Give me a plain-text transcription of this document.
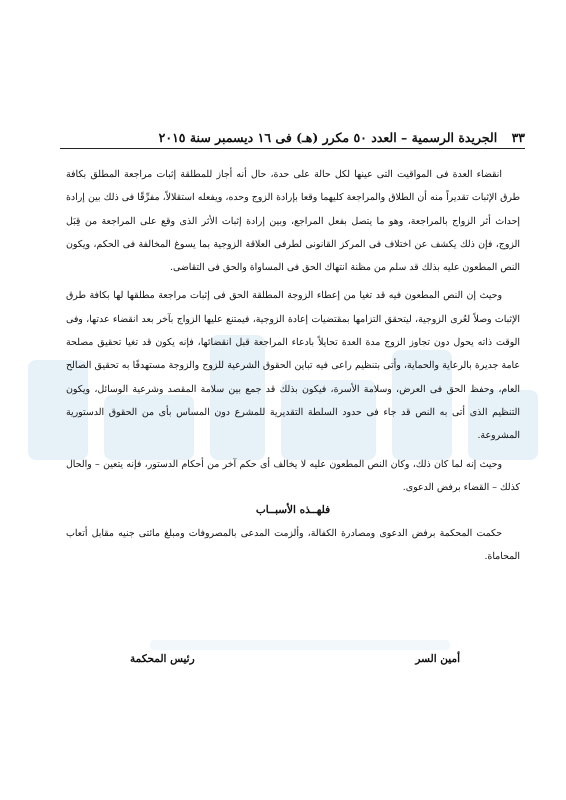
٣٣ الجريدة الرسمية – العدد ٥٠ مكرر (هـ) فى ١٦ ديسمبر سنة ٢٠١٥

انقضاء العدة فى المواقيت التى عينها لكل حالة على حدة، حال أنه أجاز للمطلقة إثبات مراجعة المطلق بكافة طرق الإثبات تقديراً منه أن الطلاق والمراجعة كليهما وقعا بإرادة الزوج وحده، ويفعله استقلالاً، مفرِّقًا فى ذلك بين إرادة إحداث أثر الزواج بالمراجعة، وهو ما يتصل بفعل المراجع، وبين إرادة إثبات الأثر الذى وقع على المراجعة من قِبَل الزوج، فإن ذلك يكشف عن اختلاف فى المركز القانونى لطرفى العلاقة الزوجية بما يسوغ المخالفة فى الحكم، ويكون النص المطعون عليه بذلك قد سلم من مظنة انتهاك الحق فى المساواة والحق فى التقاضى.

وحيث إن النص المطعون فيه قد تغيا من إعطاء الزوجة المطلقة الحق فى إثبات مراجعة مطلقها لها بكافة طرق الإثبات وصلاً لعُرى الزوجية، ليتحقق التزامها بمقتضيات إعادة الزوجية، فيمتنع عليها الزواج بآخر بعد انقضاء عدتها، وفى الوقت ذاته يحول دون تجاوز الزوج مدة العدة تحايلاً بادعاء المراجعة قبل انقضائها، فإنه يكون قد تغيا تحقيق مصلحة عامة جديرة بالرعاية والحماية، وأتى بتنظيم راعى فيه تباين الحقوق الشرعية للزوج والزوجة مستهدفًا به تحقيق الصالح العام، وحفظ الحق فى العرض، وسلامة الأسرة، فيكون بذلك قد جمع بين سلامة المقصد وشرعية الوسائل، ويكون التنظيم الذى أتى به النص قد جاء فى حدود السلطة التقديرية للمشرع دون المساس بأى من الحقوق الدستورية المشروعة.

وحيث إنه لما كان ذلك، وكان النص المطعون عليه لا يخالف أى حكم آخر من أحكام الدستور، فإنه يتعين – والحال كذلك – القضاء برفض الدعوى.

فلهــذه الأسبــاب

حكمت المحكمة برفض الدعوى ومصادرة الكفالة، وألزمت المدعى بالمصروفات ومبلغ مائتى جنيه مقابل أتعاب المحاماة.

أمين السر
رئيس المحكمة
